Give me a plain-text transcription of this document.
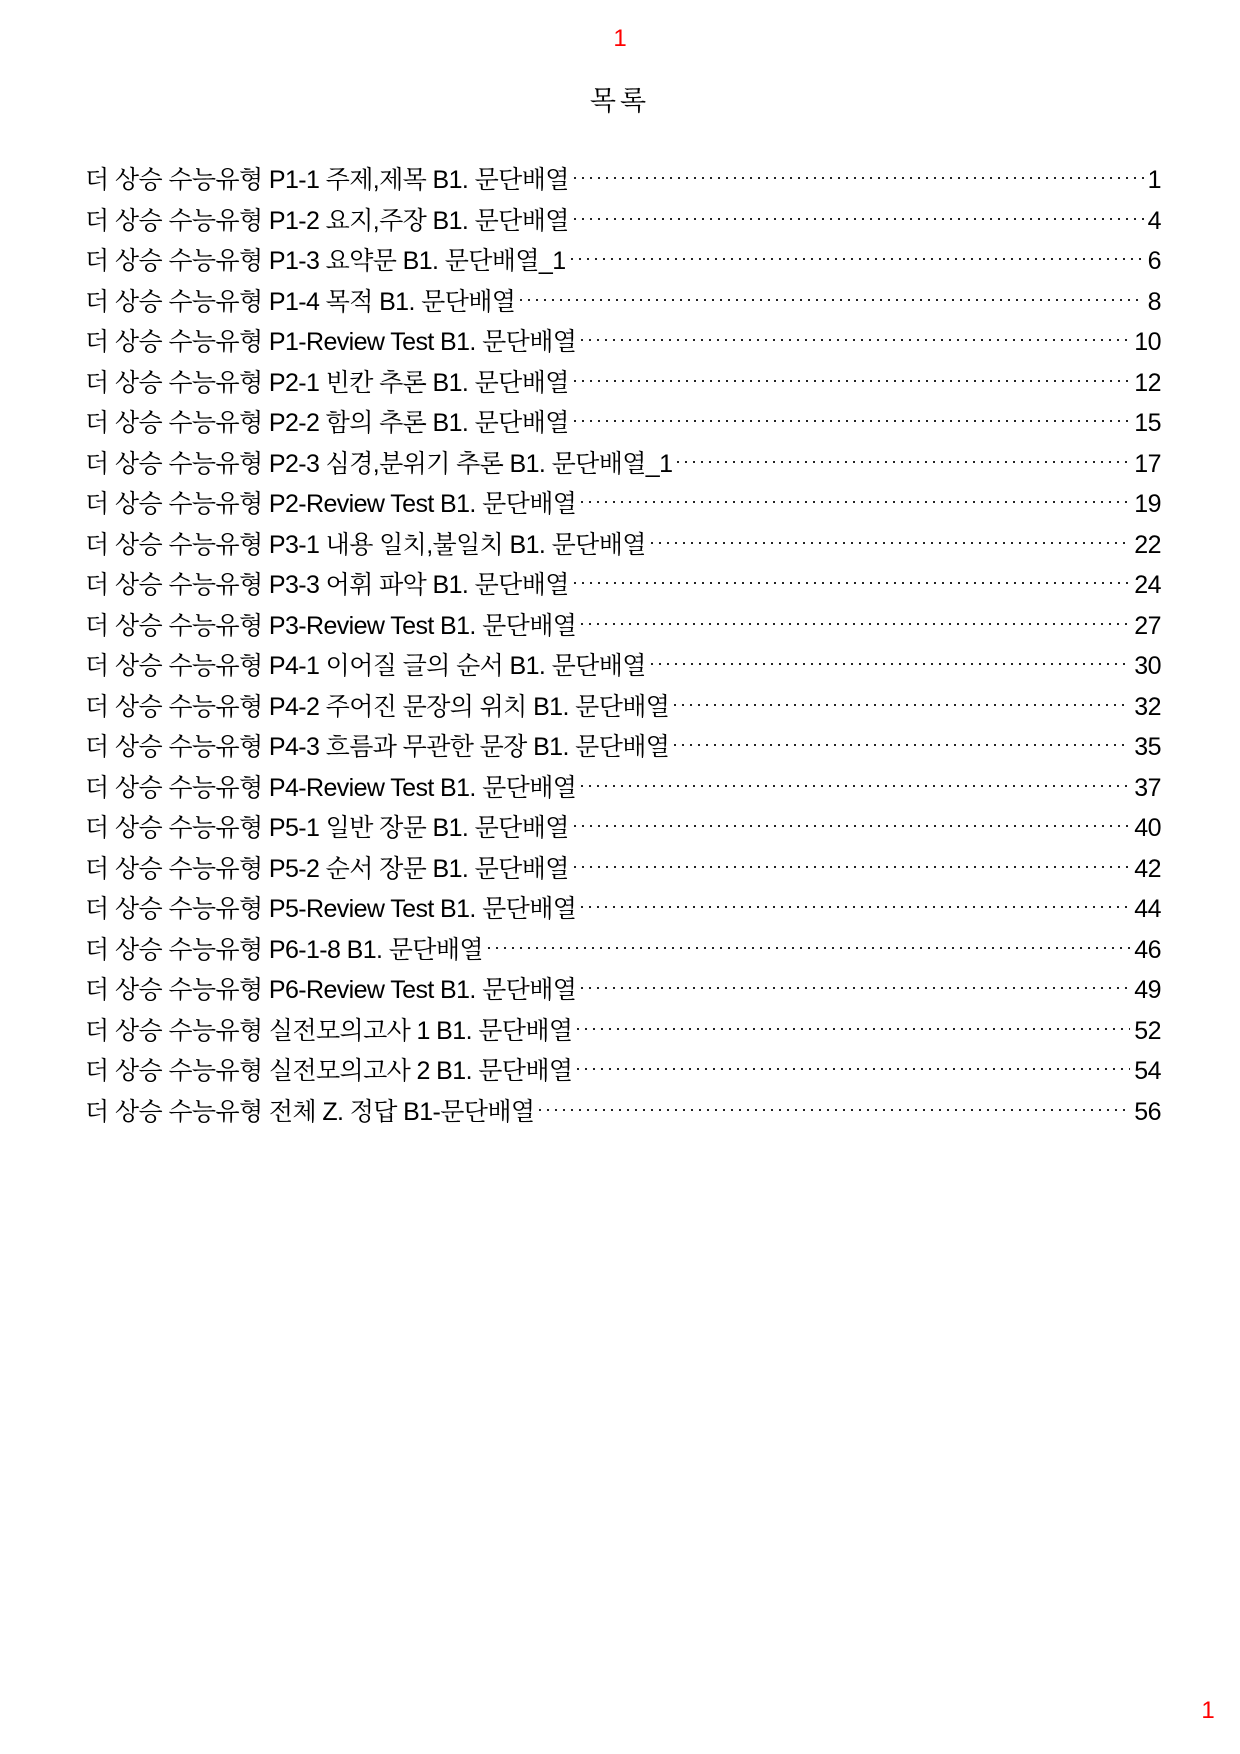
1
목록
더 상승 수능유형 P1-1 주제,제목 B1. 문단배열	1
더 상승 수능유형 P1-2 요지,주장 B1. 문단배열	4
더 상승 수능유형 P1-3 요약문 B1. 문단배열_1	6
더 상승 수능유형 P1-4 목적 B1. 문단배열	8
더 상승 수능유형 P1-Review Test B1. 문단배열	10
더 상승 수능유형 P2-1 빈칸 추론 B1. 문단배열	12
더 상승 수능유형 P2-2 함의 추론 B1. 문단배열	15
더 상승 수능유형 P2-3 심경,분위기 추론 B1. 문단배열_1	17
더 상승 수능유형 P2-Review Test B1. 문단배열	19
더 상승 수능유형 P3-1 내용 일치,불일치 B1. 문단배열	22
더 상승 수능유형 P3-3 어휘 파악 B1. 문단배열	24
더 상승 수능유형 P3-Review Test B1. 문단배열	27
더 상승 수능유형 P4-1 이어질 글의 순서 B1. 문단배열	30
더 상승 수능유형 P4-2 주어진 문장의 위치 B1. 문단배열	32
더 상승 수능유형 P4-3 흐름과 무관한 문장 B1. 문단배열	35
더 상승 수능유형 P4-Review Test B1. 문단배열	37
더 상승 수능유형 P5-1 일반 장문 B1. 문단배열	40
더 상승 수능유형 P5-2 순서 장문 B1. 문단배열	42
더 상승 수능유형 P5-Review Test B1. 문단배열	44
더 상승 수능유형 P6-1-8 B1. 문단배열	46
더 상승 수능유형 P6-Review Test B1. 문단배열	49
더 상승 수능유형 실전모의고사 1 B1. 문단배열	52
더 상승 수능유형 실전모의고사 2 B1. 문단배열	54
더 상승 수능유형 전체 Z. 정답 B1-문단배열	56
1
